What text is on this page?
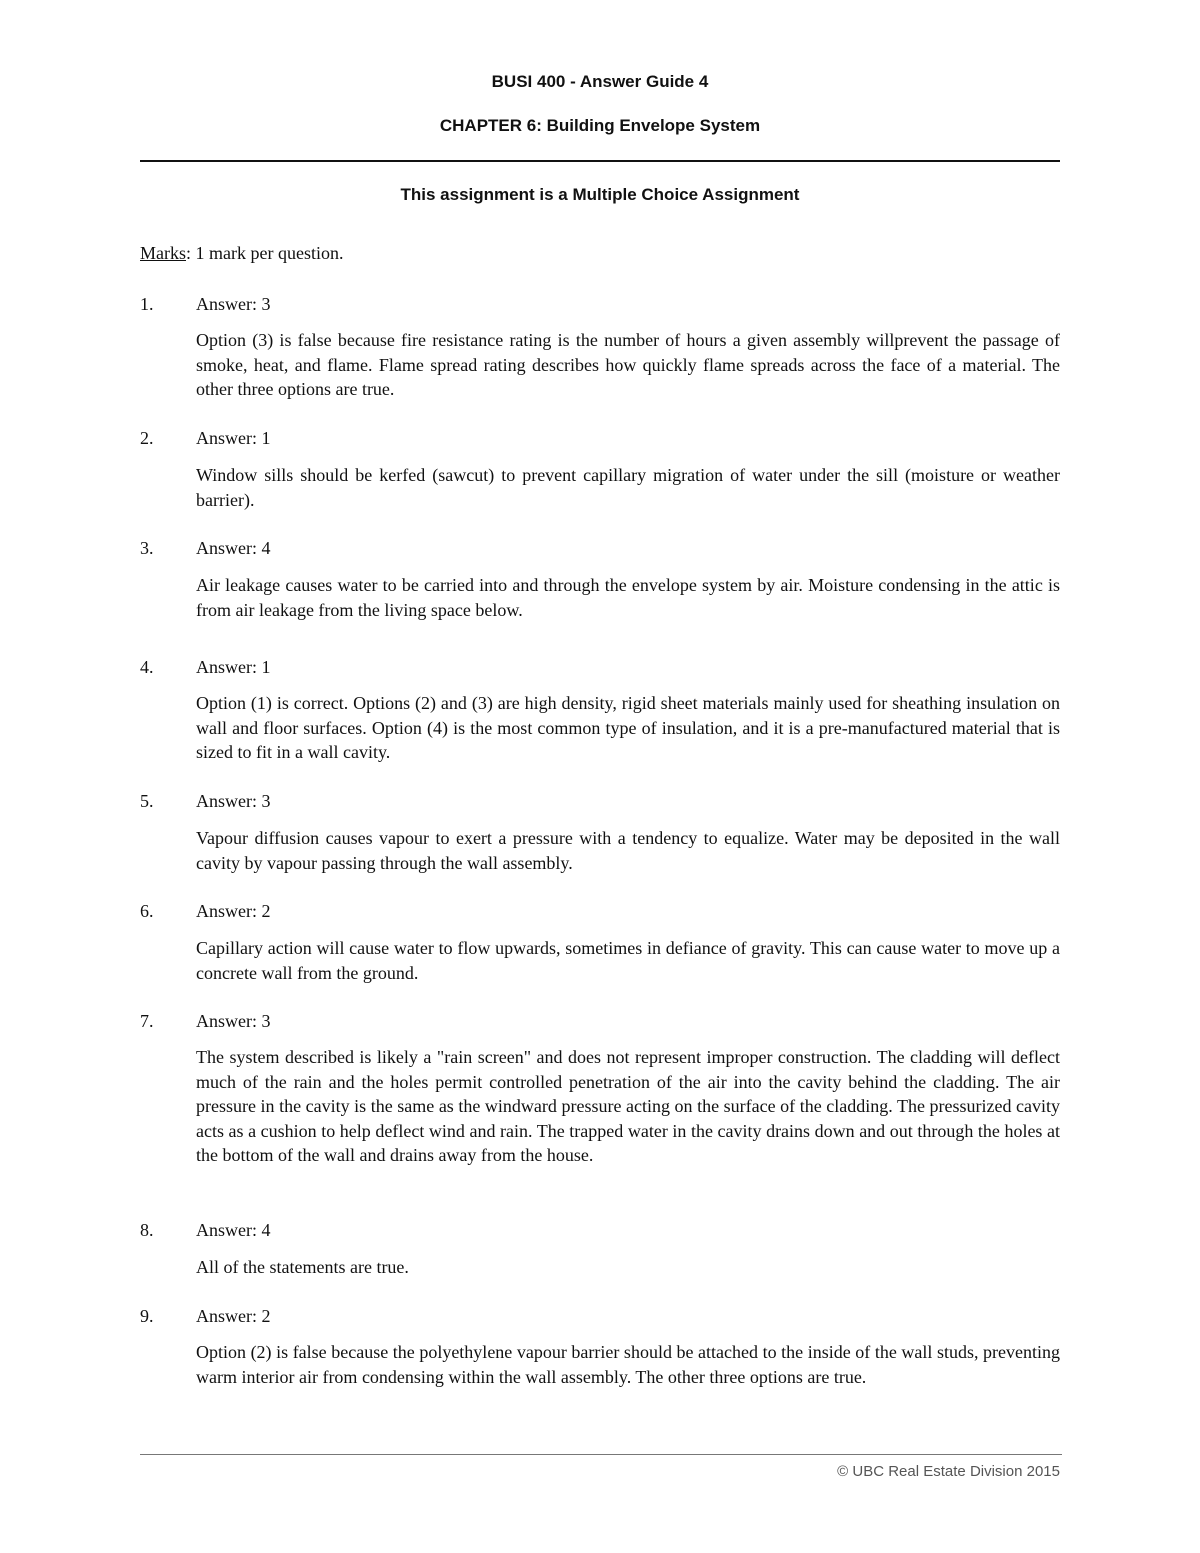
BUSI 400 - Answer Guide 4
CHAPTER 6: Building Envelope System
This assignment is a Multiple Choice Assignment
Marks: 1 mark per question.
1. Answer: 3
Option (3) is false because fire resistance rating is the number of hours a given assembly willprevent the passage of smoke, heat, and flame. Flame spread rating describes how quickly flame spreads across the face of a material. The other three options are true.
2. Answer: 1
Window sills should be kerfed (sawcut) to prevent capillary migration of water under the sill (moisture or weather barrier).
3. Answer: 4
Air leakage causes water to be carried into and through the envelope system by air. Moisture condensing in the attic is from air leakage from the living space below.
4. Answer: 1
Option (1) is correct. Options (2) and (3) are high density, rigid sheet materials mainly used for sheathing insulation on wall and floor surfaces. Option (4) is the most common type of insulation, and it is a pre-manufactured material that is sized to fit in a wall cavity.
5. Answer: 3
Vapour diffusion causes vapour to exert a pressure with a tendency to equalize. Water may be deposited in the wall cavity by vapour passing through the wall assembly.
6. Answer: 2
Capillary action will cause water to flow upwards, sometimes in defiance of gravity. This can cause water to move up a concrete wall from the ground.
7. Answer: 3
The system described is likely a "rain screen" and does not represent improper construction. The cladding will deflect much of the rain and the holes permit controlled penetration of the air into the cavity behind the cladding. The air pressure in the cavity is the same as the windward pressure acting on the surface of the cladding. The pressurized cavity acts as a cushion to help deflect wind and rain. The trapped water in the cavity drains down and out through the holes at the bottom of the wall and drains away from the house.
8. Answer: 4
All of the statements are true.
9. Answer: 2
Option (2) is false because the polyethylene vapour barrier should be attached to the inside of the wall studs, preventing warm interior air from condensing within the wall assembly. The other three options are true.
© UBC Real Estate Division 2015
